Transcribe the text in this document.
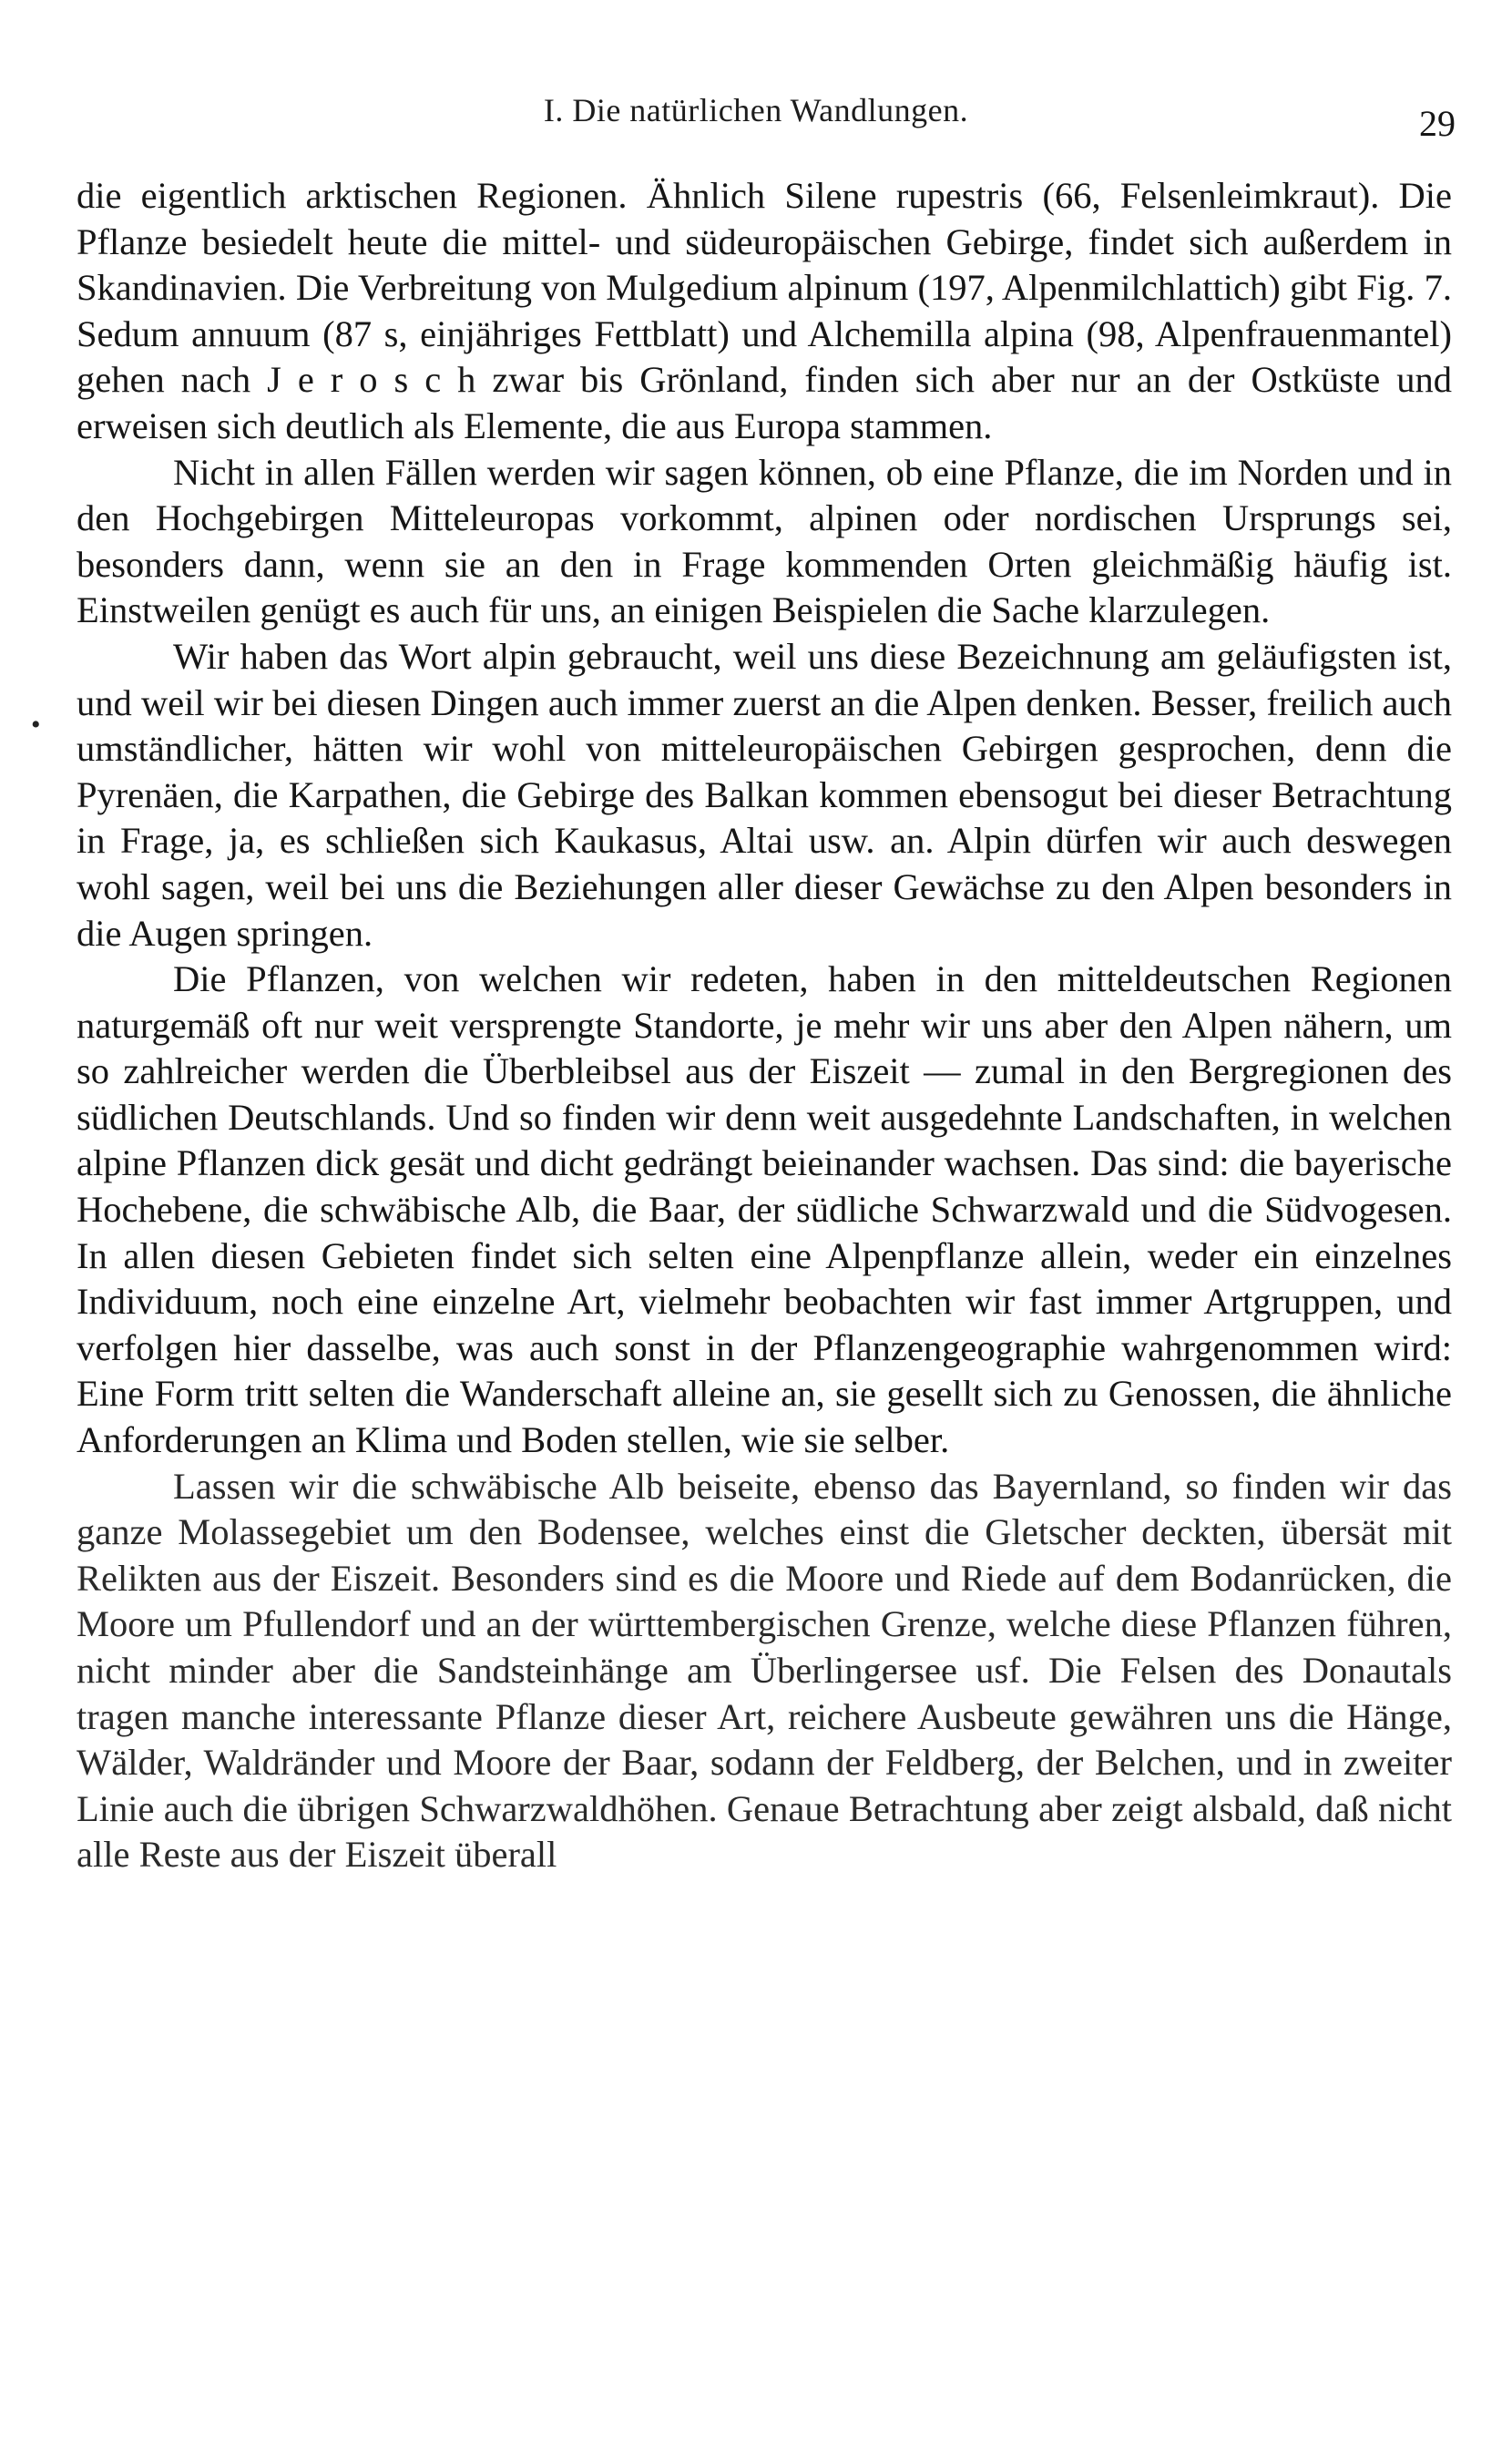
I. Die natürlichen Wandlungen.	29
•

die eigentlich arktischen Regionen. Ähnlich Silene rupestris (66, Felsenleimkraut). Die Pflanze besiedelt heute die mittel- und südeuropäischen Gebirge, findet sich außerdem in Skandinavien. Die Verbreitung von Mulgedium alpinum (197, Alpenmilchlattich) gibt Fig. 7. Sedum annuum (87 s, einjähriges Fettblatt) und Alchemilla alpina (98, Alpenfrauenmantel) gehen nach J e r o s c h zwar bis Grönland, finden sich aber nur an der Ostküste und erweisen sich deutlich als Elemente, die aus Europa stammen.

Nicht in allen Fällen werden wir sagen können, ob eine Pflanze, die im Norden und in den Hochgebirgen Mitteleuropas vorkommt, alpinen oder nordischen Ursprungs sei, besonders dann, wenn sie an den in Frage kommenden Orten gleichmäßig häufig ist. Einstweilen genügt es auch für uns, an einigen Beispielen die Sache klarzulegen.

Wir haben das Wort alpin gebraucht, weil uns diese Bezeichnung am geläufigsten ist, und weil wir bei diesen Dingen auch immer zuerst an die Alpen denken. Besser, freilich auch umständlicher, hätten wir wohl von mitteleuropäischen Gebirgen gesprochen, denn die Pyrenäen, die Karpathen, die Gebirge des Balkan kommen ebensogut bei dieser Betrachtung in Frage, ja, es schließen sich Kaukasus, Altai usw. an. Alpin dürfen wir auch deswegen wohl sagen, weil bei uns die Beziehungen aller dieser Gewächse zu den Alpen besonders in die Augen springen.

Die Pflanzen, von welchen wir redeten, haben in den mitteldeutschen Regionen naturgemäß oft nur weit versprengte Standorte, je mehr wir uns aber den Alpen nähern, um so zahlreicher werden die Überbleibsel aus der Eiszeit — zumal in den Bergregionen des südlichen Deutschlands. Und so finden wir denn weit ausgedehnte Landschaften, in welchen alpine Pflanzen dick gesät und dicht gedrängt beieinander wachsen. Das sind: die bayerische Hochebene, die schwäbische Alb, die Baar, der südliche Schwarzwald und die Südvogesen. In allen diesen Gebieten findet sich selten eine Alpenpflanze allein, weder ein einzelnes Individuum, noch eine einzelne Art, vielmehr beobachten wir fast immer Artgruppen, und verfolgen hier dasselbe, was auch sonst in der Pflanzengeographie wahrgenommen wird: Eine Form tritt selten die Wanderschaft alleine an, sie gesellt sich zu Genossen, die ähnliche Anforderungen an Klima und Boden stellen, wie sie selber.

Lassen wir die schwäbische Alb beiseite, ebenso das Bayernland, so finden wir das ganze Molassegebiet um den Bodensee, welches einst die Gletscher deckten, übersät mit Relikten aus der Eiszeit. Besonders sind es die Moore und Riede auf dem Bodanrücken, die Moore um Pfullendorf und an der württembergischen Grenze, welche diese Pflanzen führen, nicht minder aber die Sandsteinhänge am Überlingersee usf. Die Felsen des Donautals tragen manche interessante Pflanze dieser Art, reichere Ausbeute gewähren uns die Hänge, Wälder, Waldränder und Moore der Baar, sodann der Feldberg, der Belchen, und in zweiter Linie auch die übrigen Schwarzwaldhöhen. Genaue Betrachtung aber zeigt alsbald, daß nicht alle Reste aus der Eiszeit überall
